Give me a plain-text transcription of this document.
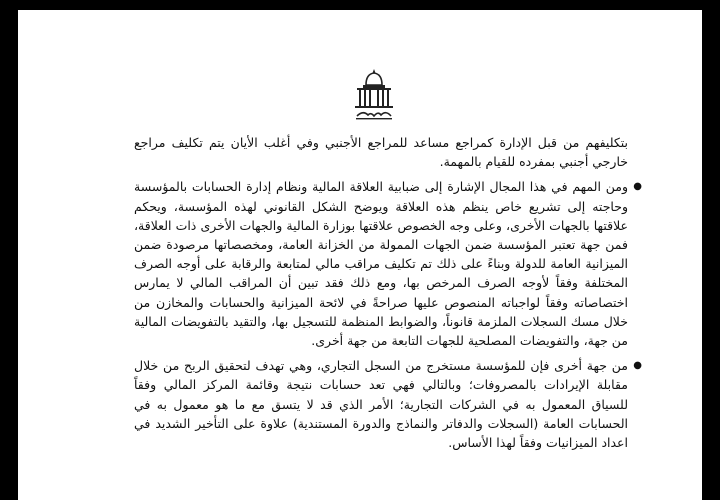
بتكليفهم من قبل الإدارة كمراجع مساعد للمراجع الأجنبي وفي أغلب الأيان يتم تكليف مراجع خارجي أجنبي بمفرده للقيام بالمهمة.

●
ومن المهم في هذا المجال الإشارة إلى ضبابية العلاقة المالية ونظام إدارة الحسابات بالمؤسسة وحاجته إلى تشريع خاص ينظم هذه العلاقة ويوضح الشكل القانوني لهذه المؤسسة، ويحكم علاقتها بالجهات الأخرى، وعلى وجه الخصوص علاقتها بوزارة المالية والجهات الأخرى ذات العلاقة، فمن جهة تعتبر المؤسسة ضمن الجهات الممولة من الخزانة العامة، ومخصصاتها مرصودة ضمن الميزانية العامة للدولة وبناءً على ذلك تم تكليف مراقب مالي لمتابعة والرقابة على أوجه الصرف المختلفة وفقاً لأوجه الصرف المرخص بها، ومع ذلك فقد تبين أن المراقب المالي لا يمارس اختصاصاته وفقاً لواجباته المنصوص عليها صراحةً في لائحة الميزانية والحسابات والمخازن من خلال مسك السجلات الملزمة قانوناً، والضوابط المنظمة للتسجيل بها، والتقيد بالتفويضات المالية من جهة، والتفويضات المصلحية للجهات التابعة من جهة أخرى.

●
من جهة أخرى فإن للمؤسسة مستخرج من السجل التجاري، وهي تهدف لتحقيق الربح من خلال مقابلة الإيرادات بالمصروفات؛ وبالتالي فهي تعد حسابات نتيجة وقائمة المركز المالي وفقاً للسياق المعمول به في الشركات التجارية؛ الأمر الذي قد لا يتسق مع ما هو معمول به في الحسابات العامة (السجلات والدفاتر والنماذج والدورة المستندية) علاوة على التأخير الشديد في اعداد الميزانيات وفقاً لهذا الأساس.
